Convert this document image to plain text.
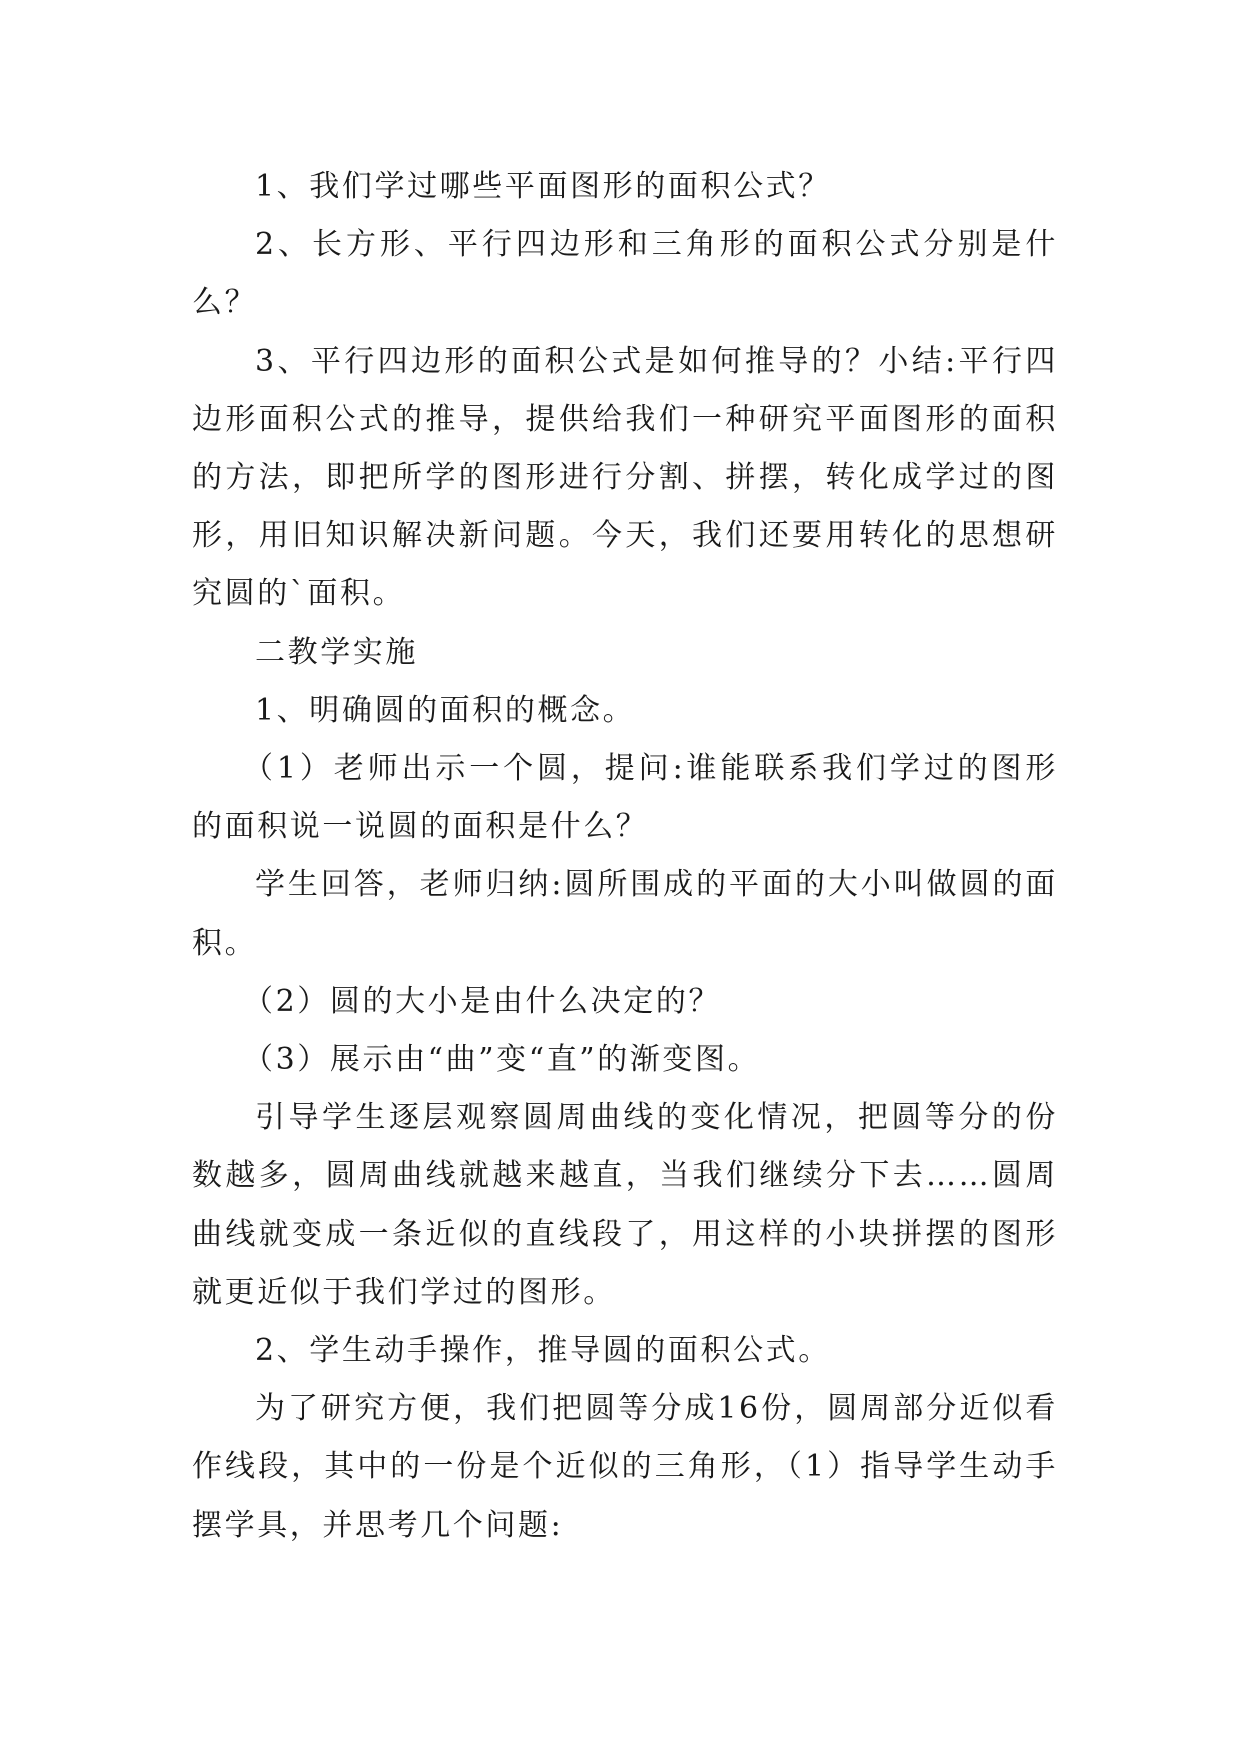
1、我们学过哪些平面图形的面积公式？

2、长方形、平行四边形和三角形的面积公式分别是什么？

3、平行四边形的面积公式是如何推导的？小结:平行四边形面积公式的推导，提供给我们一种研究平面图形的面积的方法，即把所学的图形进行分割、拼摆，转化成学过的图形，用旧知识解决新问题。今天，我们还要用转化的思想研究圆的`面积。

二教学实施

1、明确圆的面积的概念。

（1）老师出示一个圆，提问:谁能联系我们学过的图形的面积说一说圆的面积是什么？

学生回答，老师归纳:圆所围成的平面的大小叫做圆的面积。

（2）圆的大小是由什么决定的？

（3）展示由“曲”变“直”的渐变图。

引导学生逐层观察圆周曲线的变化情况，把圆等分的份数越多，圆周曲线就越来越直，当我们继续分下去……圆周曲线就变成一条近似的直线段了，用这样的小块拼摆的图形就更近似于我们学过的图形。

2、学生动手操作，推导圆的面积公式。

为了研究方便，我们把圆等分成16份，圆周部分近似看作线段，其中的一份是个近似的三角形，（1）指导学生动手摆学具，并思考几个问题:
